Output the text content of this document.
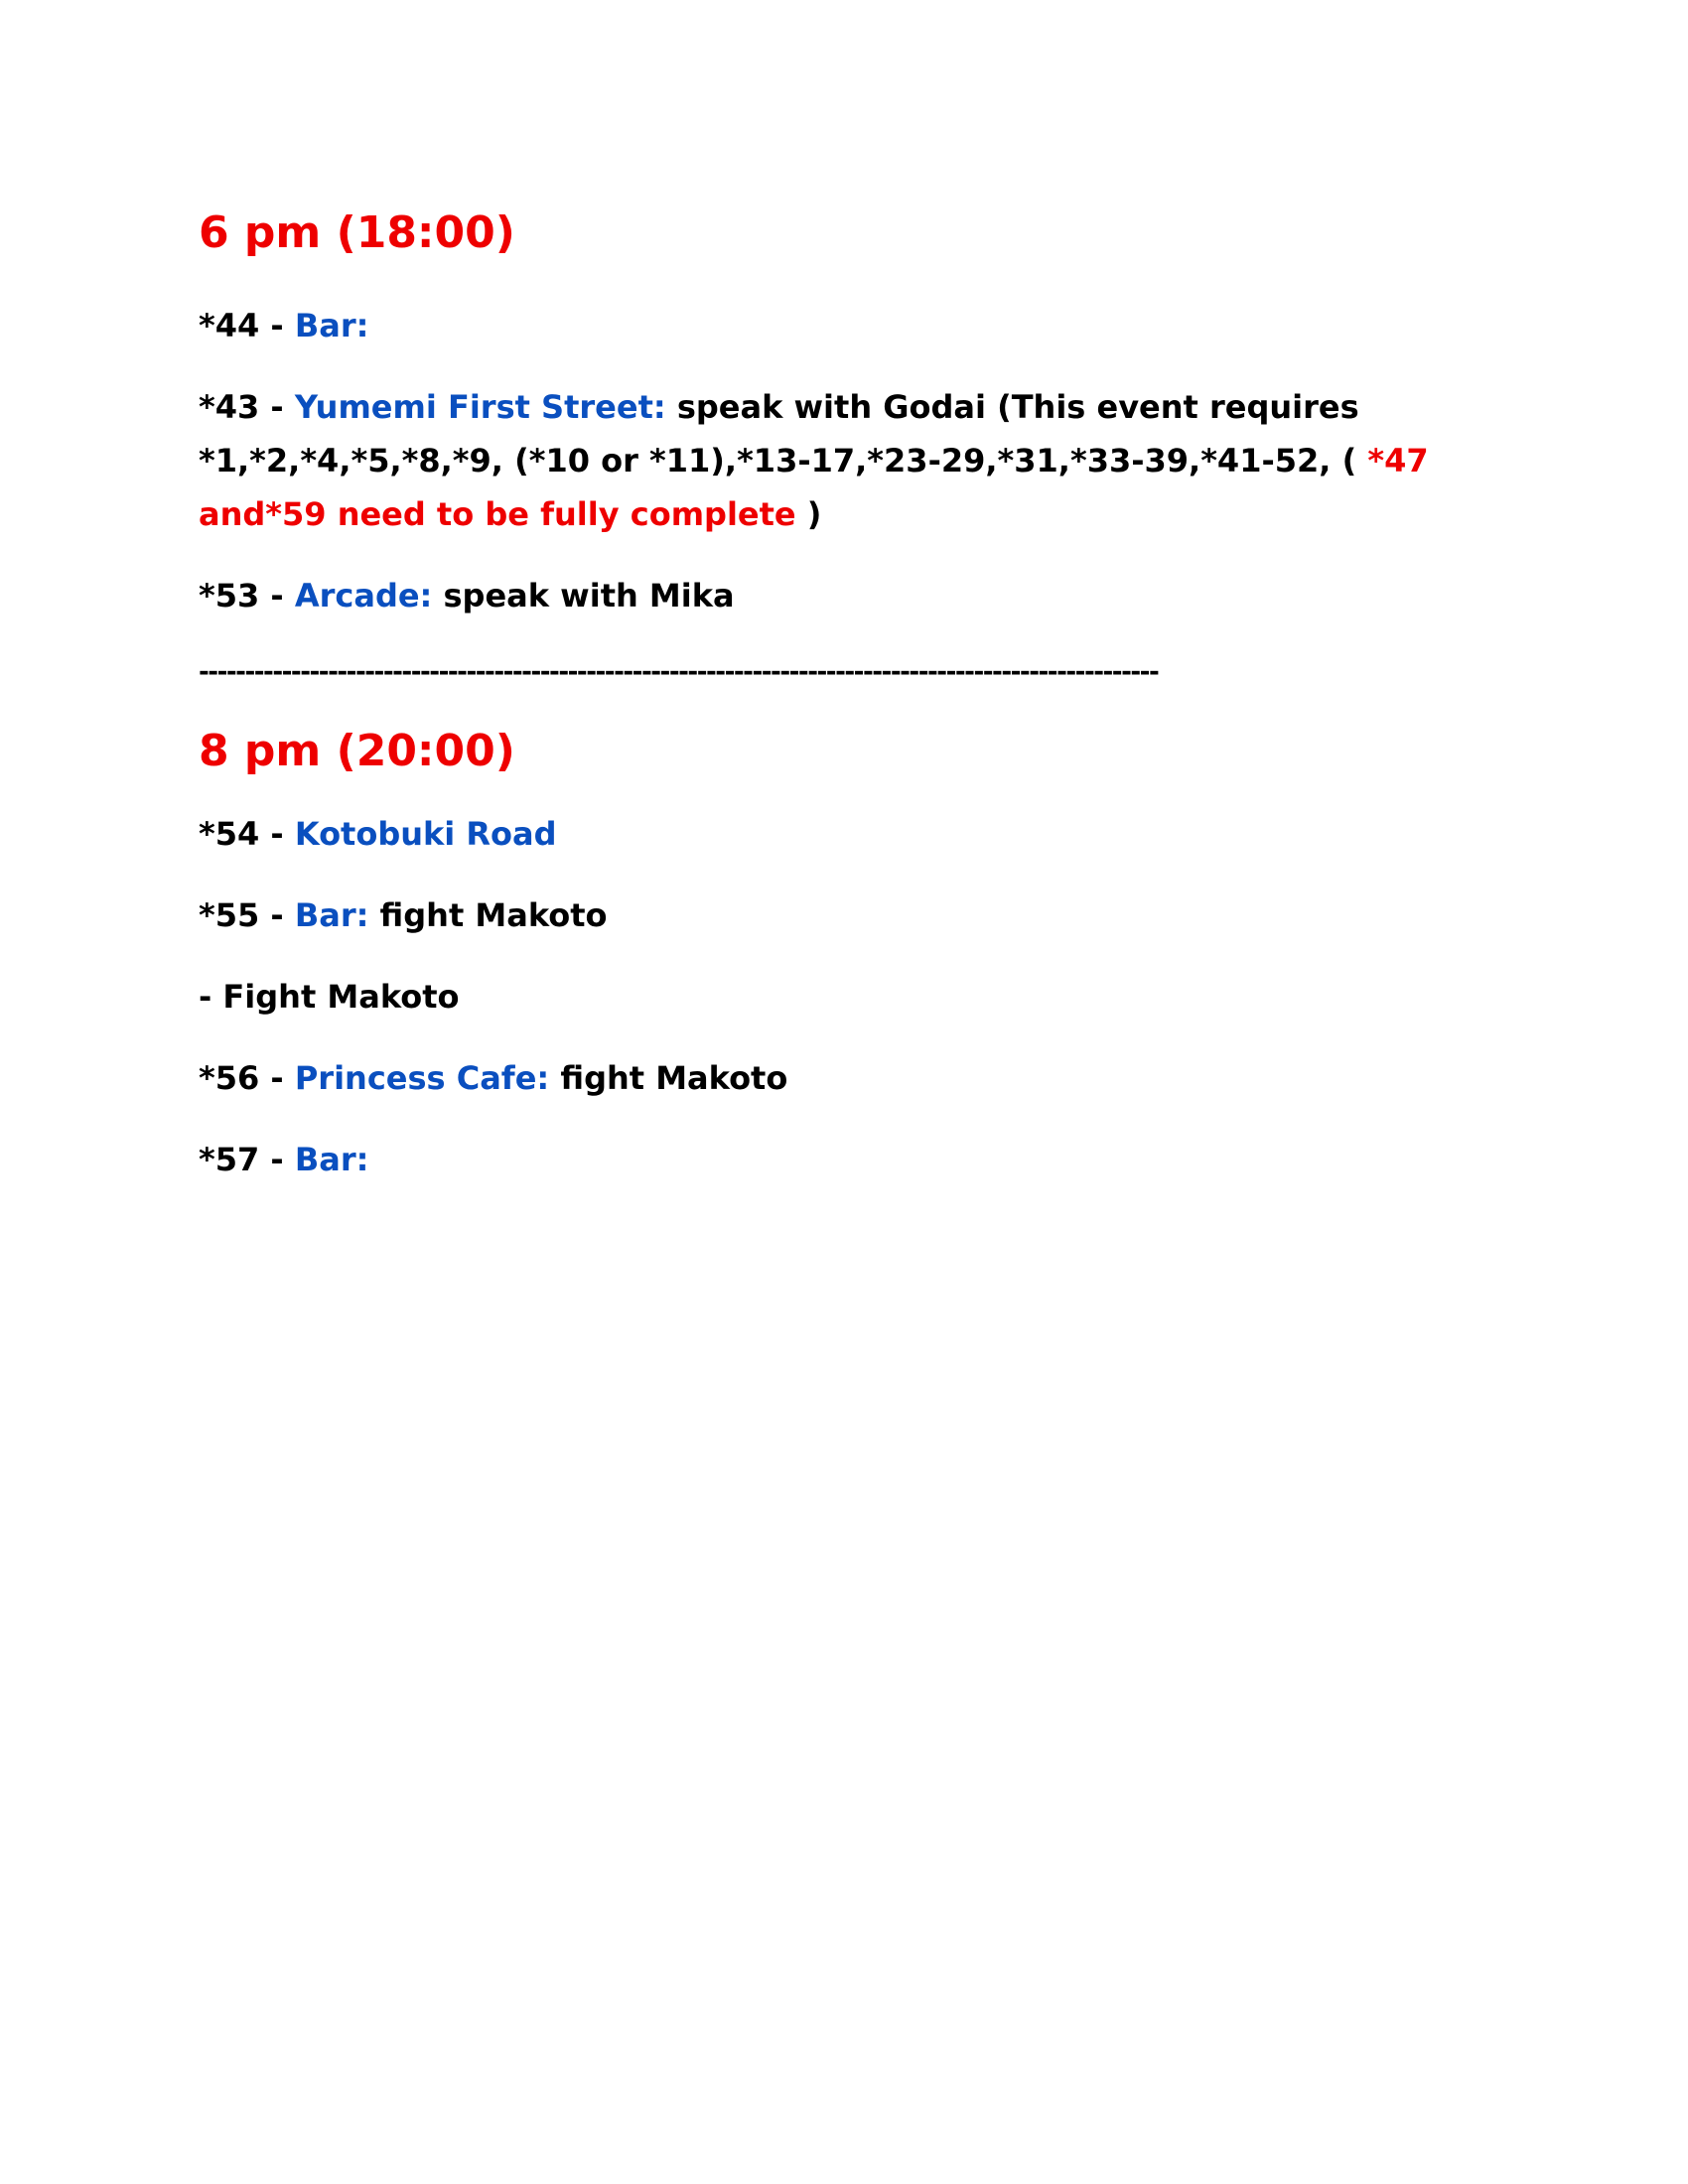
6 pm (18:00)

*44 - Bar:

*43 - Yumemi First Street: speak with Godai (This event requires *1,*2,*4,*5,*8,*9, (*10 or *11),*13-17,*23-29,*31,*33-39,*41-52, ( *47 and*59 need to be fully complete )

*53 - Arcade: speak with Mika

--------------------------------------------------------------------------------------------------------
8 pm (20:00)

*54 - Kotobuki Road

*55 - Bar: fight Makoto

- Fight Makoto

*56 - Princess Cafe: fight Makoto

*57 - Bar:
